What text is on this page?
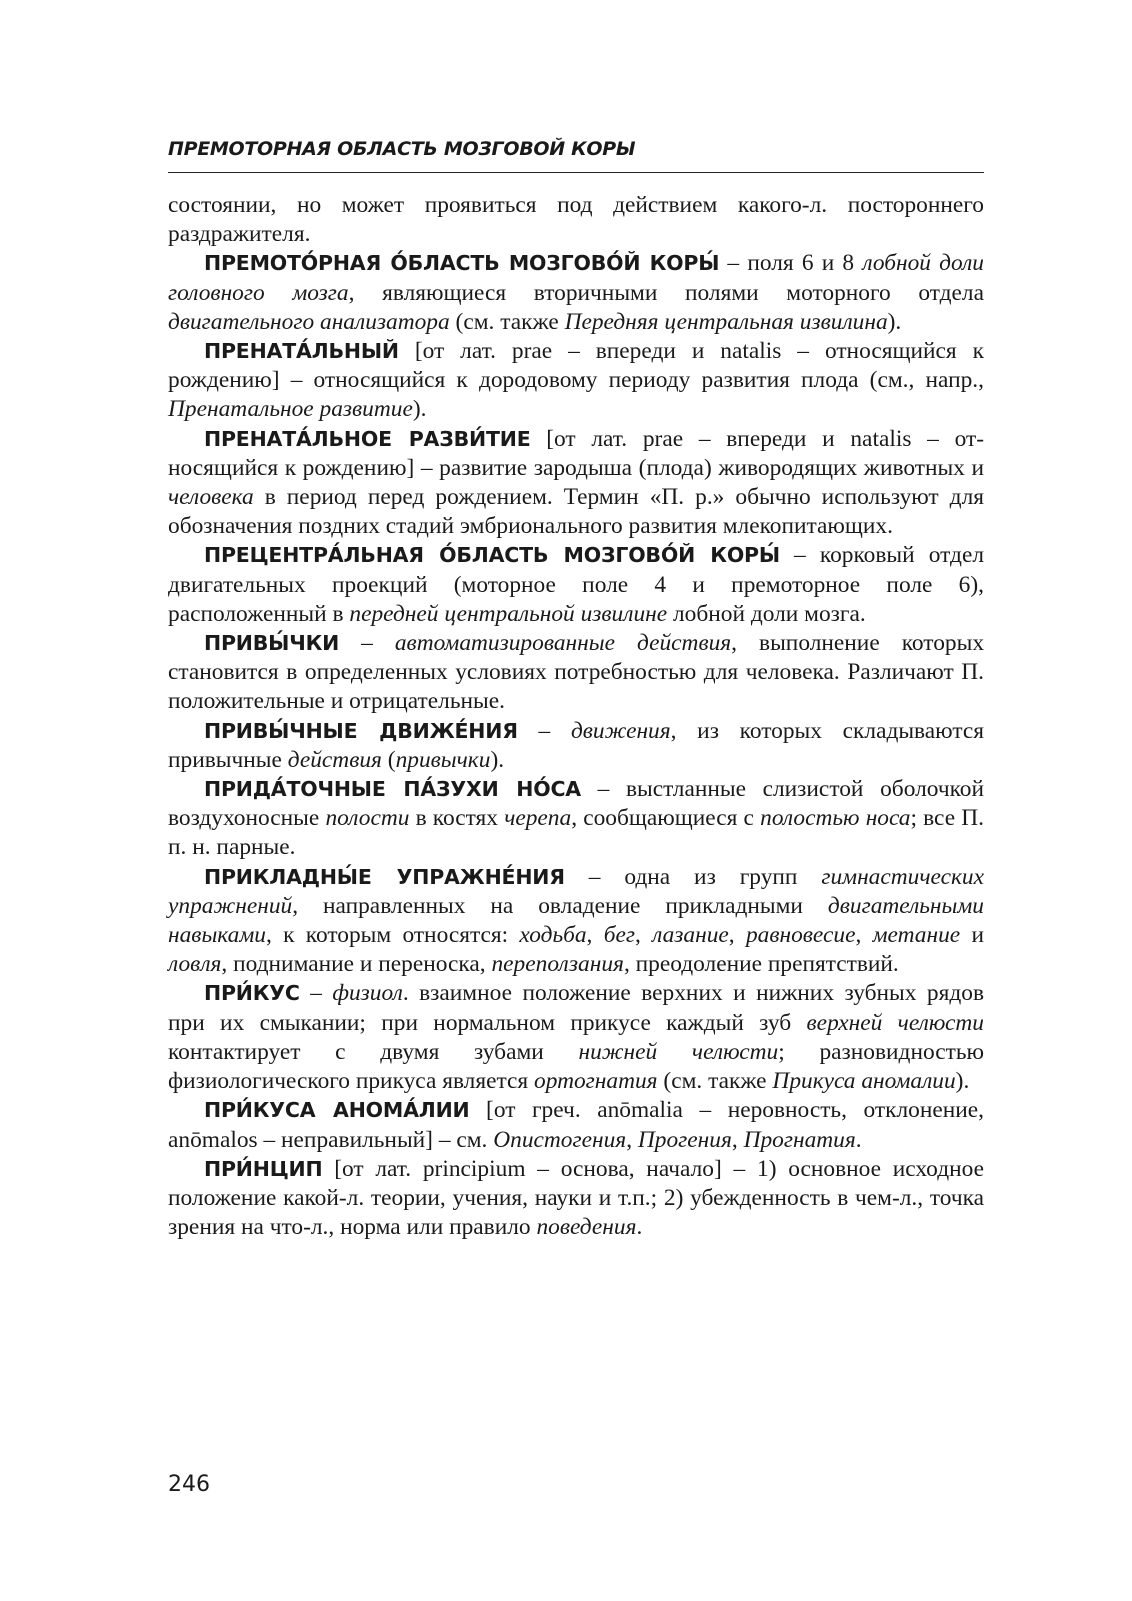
ПРЕМОТОРНАЯ ОБЛАСТЬ МОЗГОВОЙ КОРЫ

состоянии, но может проявиться под действием какого-л. постороннего раздражителя.

ПРЕМОТО́РНАЯ О́БЛАСТЬ МОЗГОВО́Й КОРЫ́ – поля 6 и 8 лобной доли головного мозга, являющиеся вторичными полями моторного отдела двигательного анализатора (см. также Передняя центральная извилина).

ПРЕНАТА́ЛЬНЫЙ [от лат. prae – впереди и natalis – относящийся к рождению] – относящийся к дородовому периоду развития плода (см., напр., Пренатальное развитие).

ПРЕНАТА́ЛЬНОЕ РАЗВИ́ТИЕ [от лат. prae – впереди и natalis – относящийся к рождению] – развитие зародыша (плода) живородящих животных и человека в период перед рождением. Термин «П. р.» обычно используют для обозначения поздних стадий эмбрионального развития млекопитающих.

ПРЕЦЕНТРА́ЛЬНАЯ О́БЛАСТЬ МОЗГОВО́Й КОРЫ́ – корковый отдел двигательных проекций (моторное поле 4 и премоторное поле 6), расположенный в передней центральной извилине лобной доли мозга.

ПРИВЫ́ЧКИ – автоматизированные действия, выполнение которых становится в определенных условиях потребностью для человека. Различают П. положительные и отрицательные.

ПРИВЫ́ЧНЫЕ ДВИЖЕ́НИЯ – движения, из которых складываются привычные действия (привычки).

ПРИДА́ТОЧНЫЕ ПА́ЗУХИ НО́СА – выстланные слизистой оболочкой воздухоносные полости в костях черепа, сообщающиеся с полостью носа; все П. п. н. парные.

ПРИКЛАДНЫ́Е УПРАЖНЕ́НИЯ – одна из групп гимнастических упражнений, направленных на овладение прикладными двигательными навыками, к которым относятся: ходьба, бег, лазание, равновесие, метание и ловля, поднимание и переноска, переползания, преодоление препятствий.

ПРИ́КУС – физиол. взаимное положение верхних и нижних зубных рядов при их смыкании; при нормальном прикусе каждый зуб верхней челюсти контактирует с двумя зубами нижней челюсти; разновидностью физиологического прикуса является ортогнатия (см. также Прикуса аномалии).

ПРИ́КУСА АНОМА́ЛИИ [от греч. anōmalia – неровность, отклонение, anōmalos – неправильный] – см. Опистогения, Прогения, Прогнатия.

ПРИ́НЦИП [от лат. principium – основа, начало] – 1) основное исходное положение какой-л. теории, учения, науки и т.п.; 2) убежденность в чем-л., точка зрения на что-л., норма или правило поведения.

246
